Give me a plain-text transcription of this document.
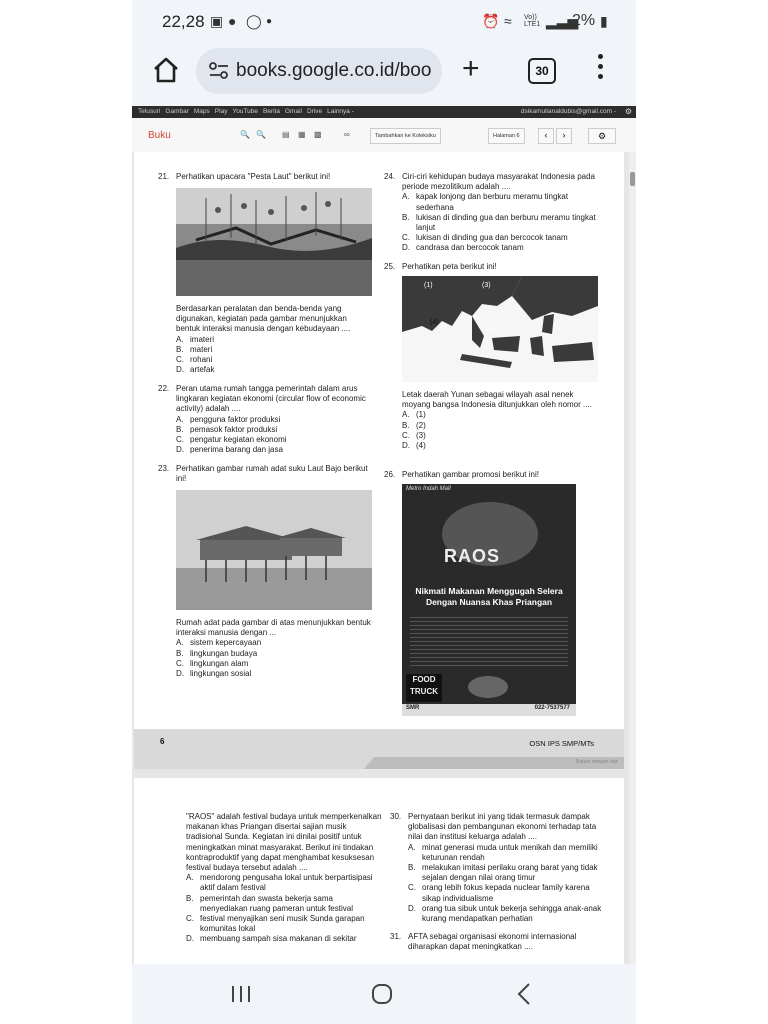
22,28 ▣ ● ◯ ●	⏰ ≈ Vo))
LTE1 ▂▃▅
2% ▮
books.google.co.id/boo +	30
Telusuri Gambar Maps Play YouTube Berita Gmail Drive Lainnya -	dsikamulianaldubis@gmail.com - ⚙
Buku	🔍 🔍 ▤ ▦ ▩	∞	Tambahkan ke Koleksiku	Halaman 6	‹	›	⚙
21. Perhatikan upacara "Pesta Laut" berikut ini!
Berdasarkan peralatan dan benda-benda yang digunakan, kegiatan pada gambar menunjukkan bentuk interaksi manusia dengan kebudayaan ....
A. imateri
B. materi
C. rohani
D. artefak
22. Peran utama rumah tangga pemerintah dalam arus lingkaran kegiatan ekonomi (circular flow of economic activity) adalah ....
A. pengguna faktor produksi
B. pemasok faktor produksi
C. pengatur kegiatan ekonomi
D. penerima barang dan jasa
23. Perhatikan gambar rumah adat suku Laut Bajo berikut ini!
Rumah adat pada gambar di atas menunjukkan bentuk interaksi manusia dengan ...
A. sistem kepercayaan
B. lingkungan budaya
C. lingkungan alam
D. lingkungan sosial
24. Ciri-ciri kehidupan budaya masyarakat Indonesia pada periode mezolitikum adalah ....
A. kapak lonjong dan berburu meramu tingkat sederhana
B. lukisan di dinding gua dan berburu meramu tingkat lanjut
C. lukisan di dinding gua dan bercocok tanam
D. candrasa dan bercocok tanam
25. Perhatikan peta berikut ini!
(1)
(2)
(3)
(4)
Letak daerah Yunan sebagai wilayah asal nenek moyang bangsa Indonesia ditunjukkan oleh nomor ....
A. (1)
B. (2)
C. (3)
D. (4)
26. Perhatikan gambar promosi berikut ini!
Metro Indah Mall
RAOS
Nikmati Makanan Menggugah Selera
Dengan Nuansa Khas Priangan
FOOD
TRUCK
SMR	022-7537577
6	OSN IPS SMP/MTs
Bahan dengan hak
"RAOS" adalah festival budaya untuk memperkenalkan makanan khas Priangan disertai sajian musik tradisional Sunda. Kegiatan ini dinilai positif untuk meningkatkan minat masyarakat. Berikut ini tindakan kontraproduktif yang dapat menghambat kesuksesan festival budaya tersebut adalah ....
A. mendorong pengusaha lokal untuk berpartisipasi aktif dalam festival
B. pemerintah dan swasta bekerja sama menyediakan ruang pameran untuk festival
C. festival menyajikan seni musik Sunda garapan komunitas lokal
D. membuang sampah sisa makanan di sekitar
30. Pernyataan berikut ini yang tidak termasuk dampak globalisasi dan pembangunan ekonomi terhadap tata nilai dan institusi keluarga adalah ....
A. minat generasi muda untuk menikah dan memiliki keturunan rendah
B. melakukan imitasi perilaku orang barat yang tidak sejalan dengan nilai orang timur
C. orang lebih fokus kepada nuclear family karena sikap individualisme
D. orang tua sibuk untuk bekerja sehingga anak-anak kurang mendapatkan perhatian
31. AFTA sebagai organisasi ekonomi internasional diharapkan dapat meningkatkan ....
